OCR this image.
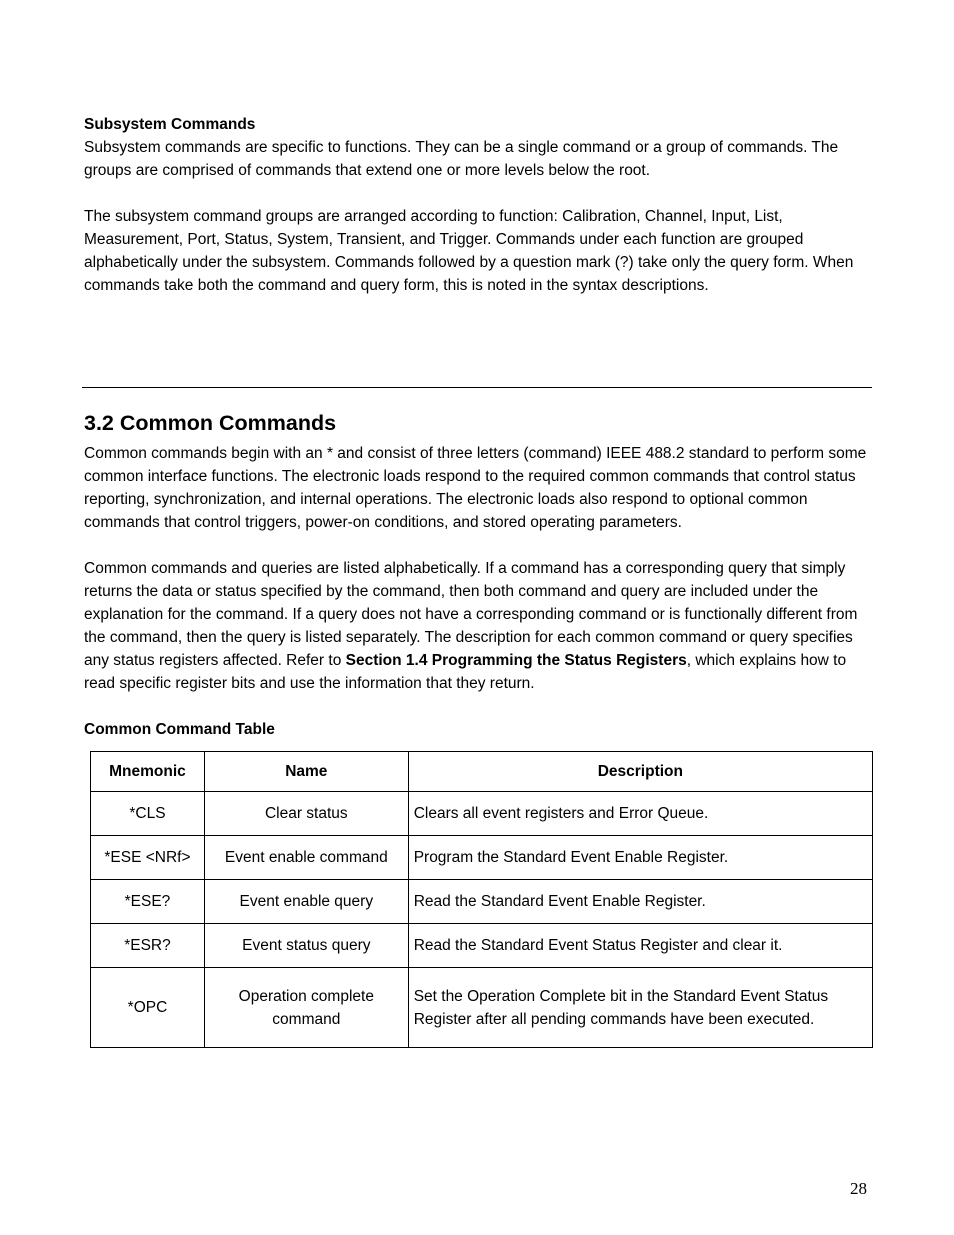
Subsystem Commands

Subsystem commands are specific to functions. They can be a single command or a group of commands. The groups are comprised of commands that extend one or more levels below the root.

The subsystem command groups are arranged according to function: Calibration, Channel, Input, List, Measurement, Port, Status, System, Transient, and Trigger. Commands under each function are grouped alphabetically under the subsystem. Commands followed by a question mark (?) take only the query form. When commands take both the command and query form, this is noted in the syntax descriptions.

3.2 Common Commands

Common commands begin with an * and consist of three letters (command) IEEE 488.2 standard to perform some common interface functions. The electronic loads respond to the required common commands that control status reporting, synchronization, and internal operations. The electronic loads also respond to optional common commands that control triggers, power-on conditions, and stored operating parameters.

Common commands and queries are listed alphabetically. If a command has a corresponding query that simply returns the data or status specified by the command, then both command and query are included under the explanation for the command. If a query does not have a corresponding command or is functionally different from the command, then the query is listed separately. The description for each common command or query specifies any status registers affected. Refer to Section 1.4 Programming the Status Registers, which explains how to read specific register bits and use the information that they return.

Common Command Table

Mnemonic	Name	Description
*CLS	Clear status	Clears all event registers and Error Queue.
*ESE <NRf>	Event enable command	Program the Standard Event Enable Register.
*ESE?	Event enable query	Read the Standard Event Enable Register.
*ESR?	Event status query	Read the Standard Event Status Register and clear it.
*OPC	Operation complete command	Set the Operation Complete bit in the Standard Event Status Register after all pending commands have been executed.
28
